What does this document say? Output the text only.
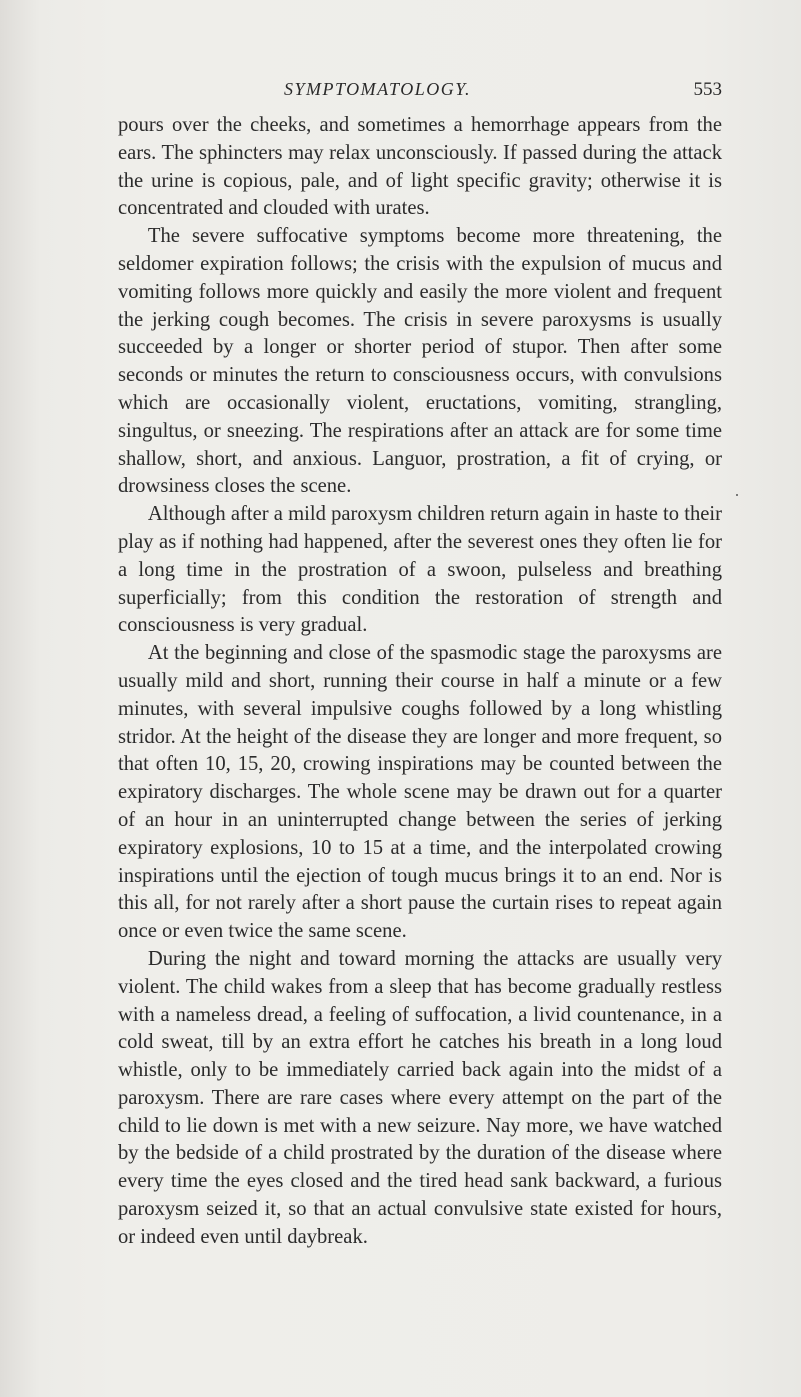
SYMPTOMATOLOGY.	553

pours over the cheeks, and sometimes a hemorrhage appears from the ears. The sphincters may relax unconsciously. If passed during the attack the urine is copious, pale, and of light specific gravity; otherwise it is concentrated and clouded with urates.

The severe suffocative symptoms become more threatening, the seldomer expiration follows; the crisis with the expulsion of mucus and vomiting follows more quickly and easily the more violent and frequent the jerking cough becomes. The crisis in severe paroxysms is usually succeeded by a longer or shorter period of stupor. Then after some seconds or minutes the return to consciousness occurs, with convulsions which are occasionally violent, eructations, vomiting, strangling, singultus, or sneezing. The respirations after an attack are for some time shallow, short, and anxious. Languor, prostration, a fit of crying, or drowsiness closes the scene.

Although after a mild paroxysm children return again in haste to their play as if nothing had happened, after the severest ones they often lie for a long time in the prostration of a swoon, pulseless and breathing superficially; from this condition the restoration of strength and consciousness is very gradual.

At the beginning and close of the spasmodic stage the paroxysms are usually mild and short, running their course in half a minute or a few minutes, with several impulsive coughs followed by a long whistling stridor. At the height of the disease they are longer and more frequent, so that often 10, 15, 20, crowing inspirations may be counted between the expiratory discharges. The whole scene may be drawn out for a quarter of an hour in an uninterrupted change between the series of jerking expiratory explosions, 10 to 15 at a time, and the interpolated crowing inspirations until the ejection of tough mucus brings it to an end. Nor is this all, for not rarely after a short pause the curtain rises to repeat again once or even twice the same scene.

During the night and toward morning the attacks are usually very violent. The child wakes from a sleep that has become gradually restless with a nameless dread, a feeling of suffocation, a livid countenance, in a cold sweat, till by an extra effort he catches his breath in a long loud whistle, only to be immediately carried back again into the midst of a paroxysm. There are rare cases where every attempt on the part of the child to lie down is met with a new seizure. Nay more, we have watched by the bedside of a child prostrated by the duration of the disease where every time the eyes closed and the tired head sank backward, a furious paroxysm seized it, so that an actual convulsive state existed for hours, or indeed even until daybreak.
